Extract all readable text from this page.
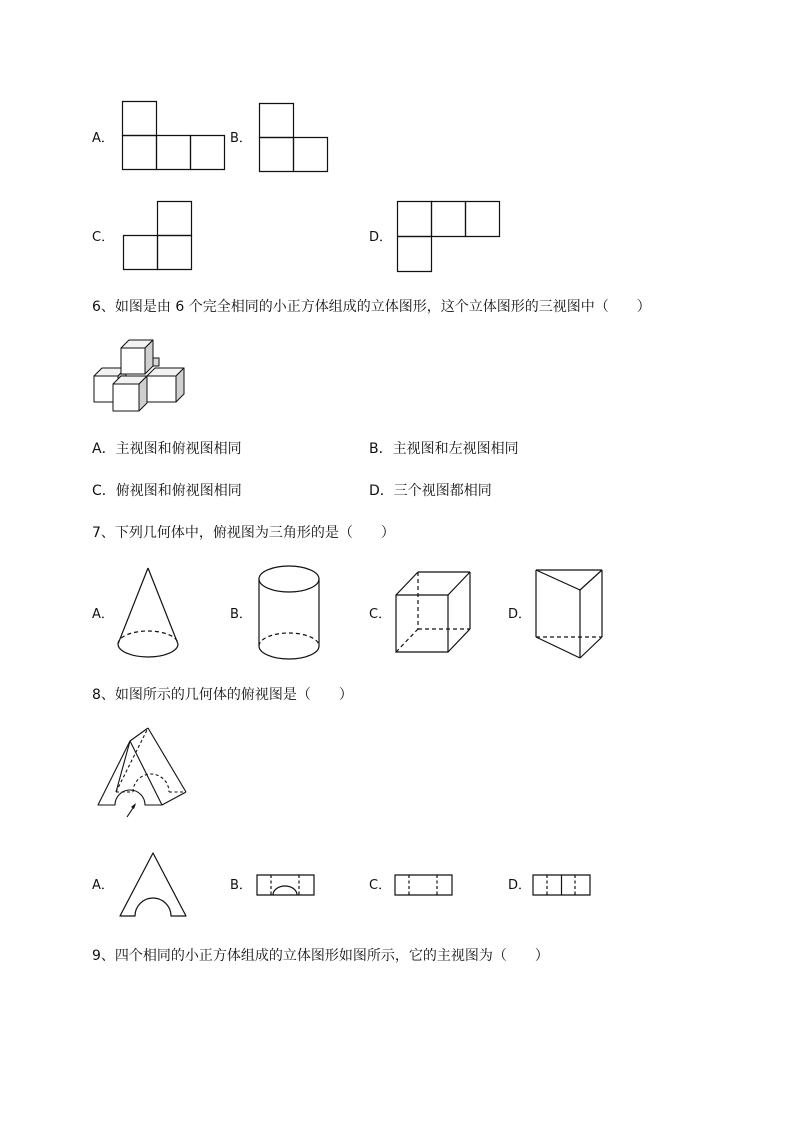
A．	B．
C．	D．
6、如图是由 6 个完全相同的小正方体组成的立体图形，这个立体图形的三视图中（　　）
A．主视图和俯视图相同	B．主视图和左视图相同
C．俯视图和俯视图相同	D．三个视图都相同
7、下列几何体中，俯视图为三角形的是（　　）
A．	B．	C．	D．
8、如图所示的几何体的俯视图是（　　）
A．	B．	C．	D．
9、四个相同的小正方体组成的立体图形如图所示，它的主视图为（　　）
